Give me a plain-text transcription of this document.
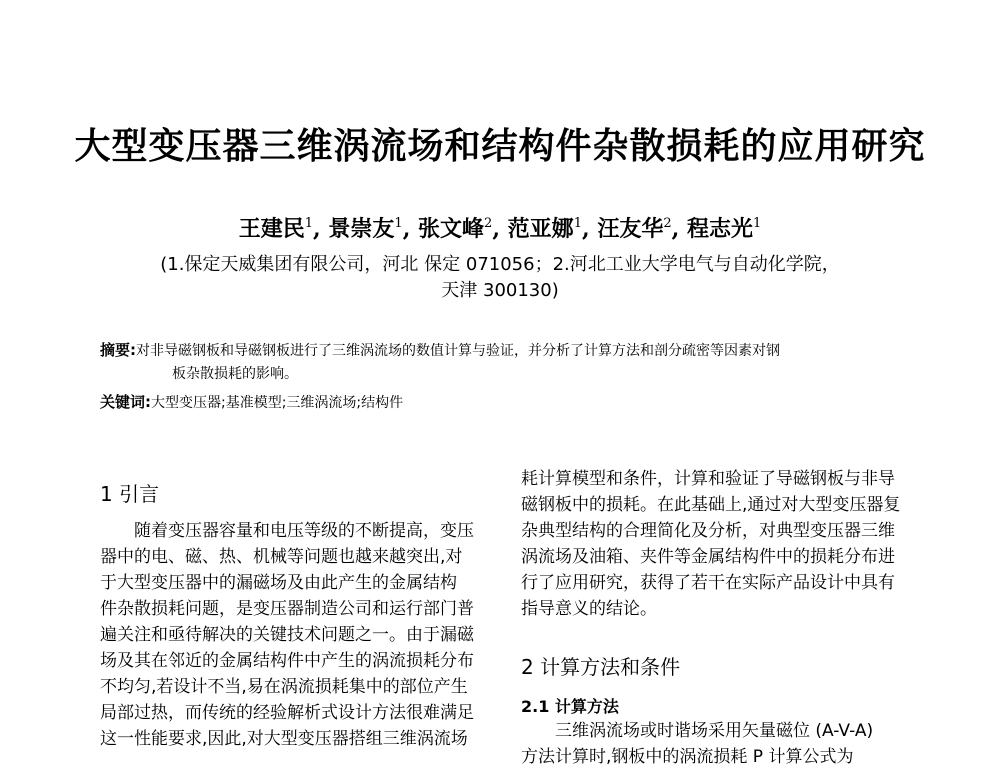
大型变压器三维涡流场和结构件杂散损耗的应用研究
王建民$^1$, 景崇友$^1$, 张文峰$^2$, 范亚娜$^1$, 汪友华$^2$, 程志光$^1$
(1.保定天威集团有限公司，河北 保定 071056；2.河北工业大学电气与自动化学院，
天津 300130)
摘要:对非导磁钢板和导磁钢板进行了三维涡流场的数值计算与验证，并分析了计算方法和剖分疏密等因素对钢
板杂散损耗的影响。
关键词:大型变压器;基准模型;三维涡流场;结构件
1 引言
随着变压器容量和电压等级的不断提高，变压
器中的电、磁、热、机械等问题也越来越突出,对
于大型变压器中的漏磁场及由此产生的金属结构
件杂散损耗问题，是变压器制造公司和运行部门普
遍关注和亟待解决的关键技术问题之一。由于漏磁
场及其在邻近的金属结构件中产生的涡流损耗分布
不均匀,若设计不当,易在涡流损耗集中的部位产生
局部过热，而传统的经验解析式设计方法很难满足
这一性能要求,因此,对大型变压器搭组三维涡流场
耗计算模型和条件，计算和验证了导磁钢板与非导
磁钢板中的损耗。在此基础上,通过对大型变压器复
杂典型结构的合理简化及分析，对典型变压器三维
涡流场及油箱、夹件等金属结构件中的损耗分布进
行了应用研究，获得了若干在实际产品设计中具有
指导意义的结论。
2 计算方法和条件
2.1 计算方法
三维涡流场或时谐场采用矢量磁位 (A-V-A)
方法计算时,钢板中的涡流损耗 P 计算公式为
